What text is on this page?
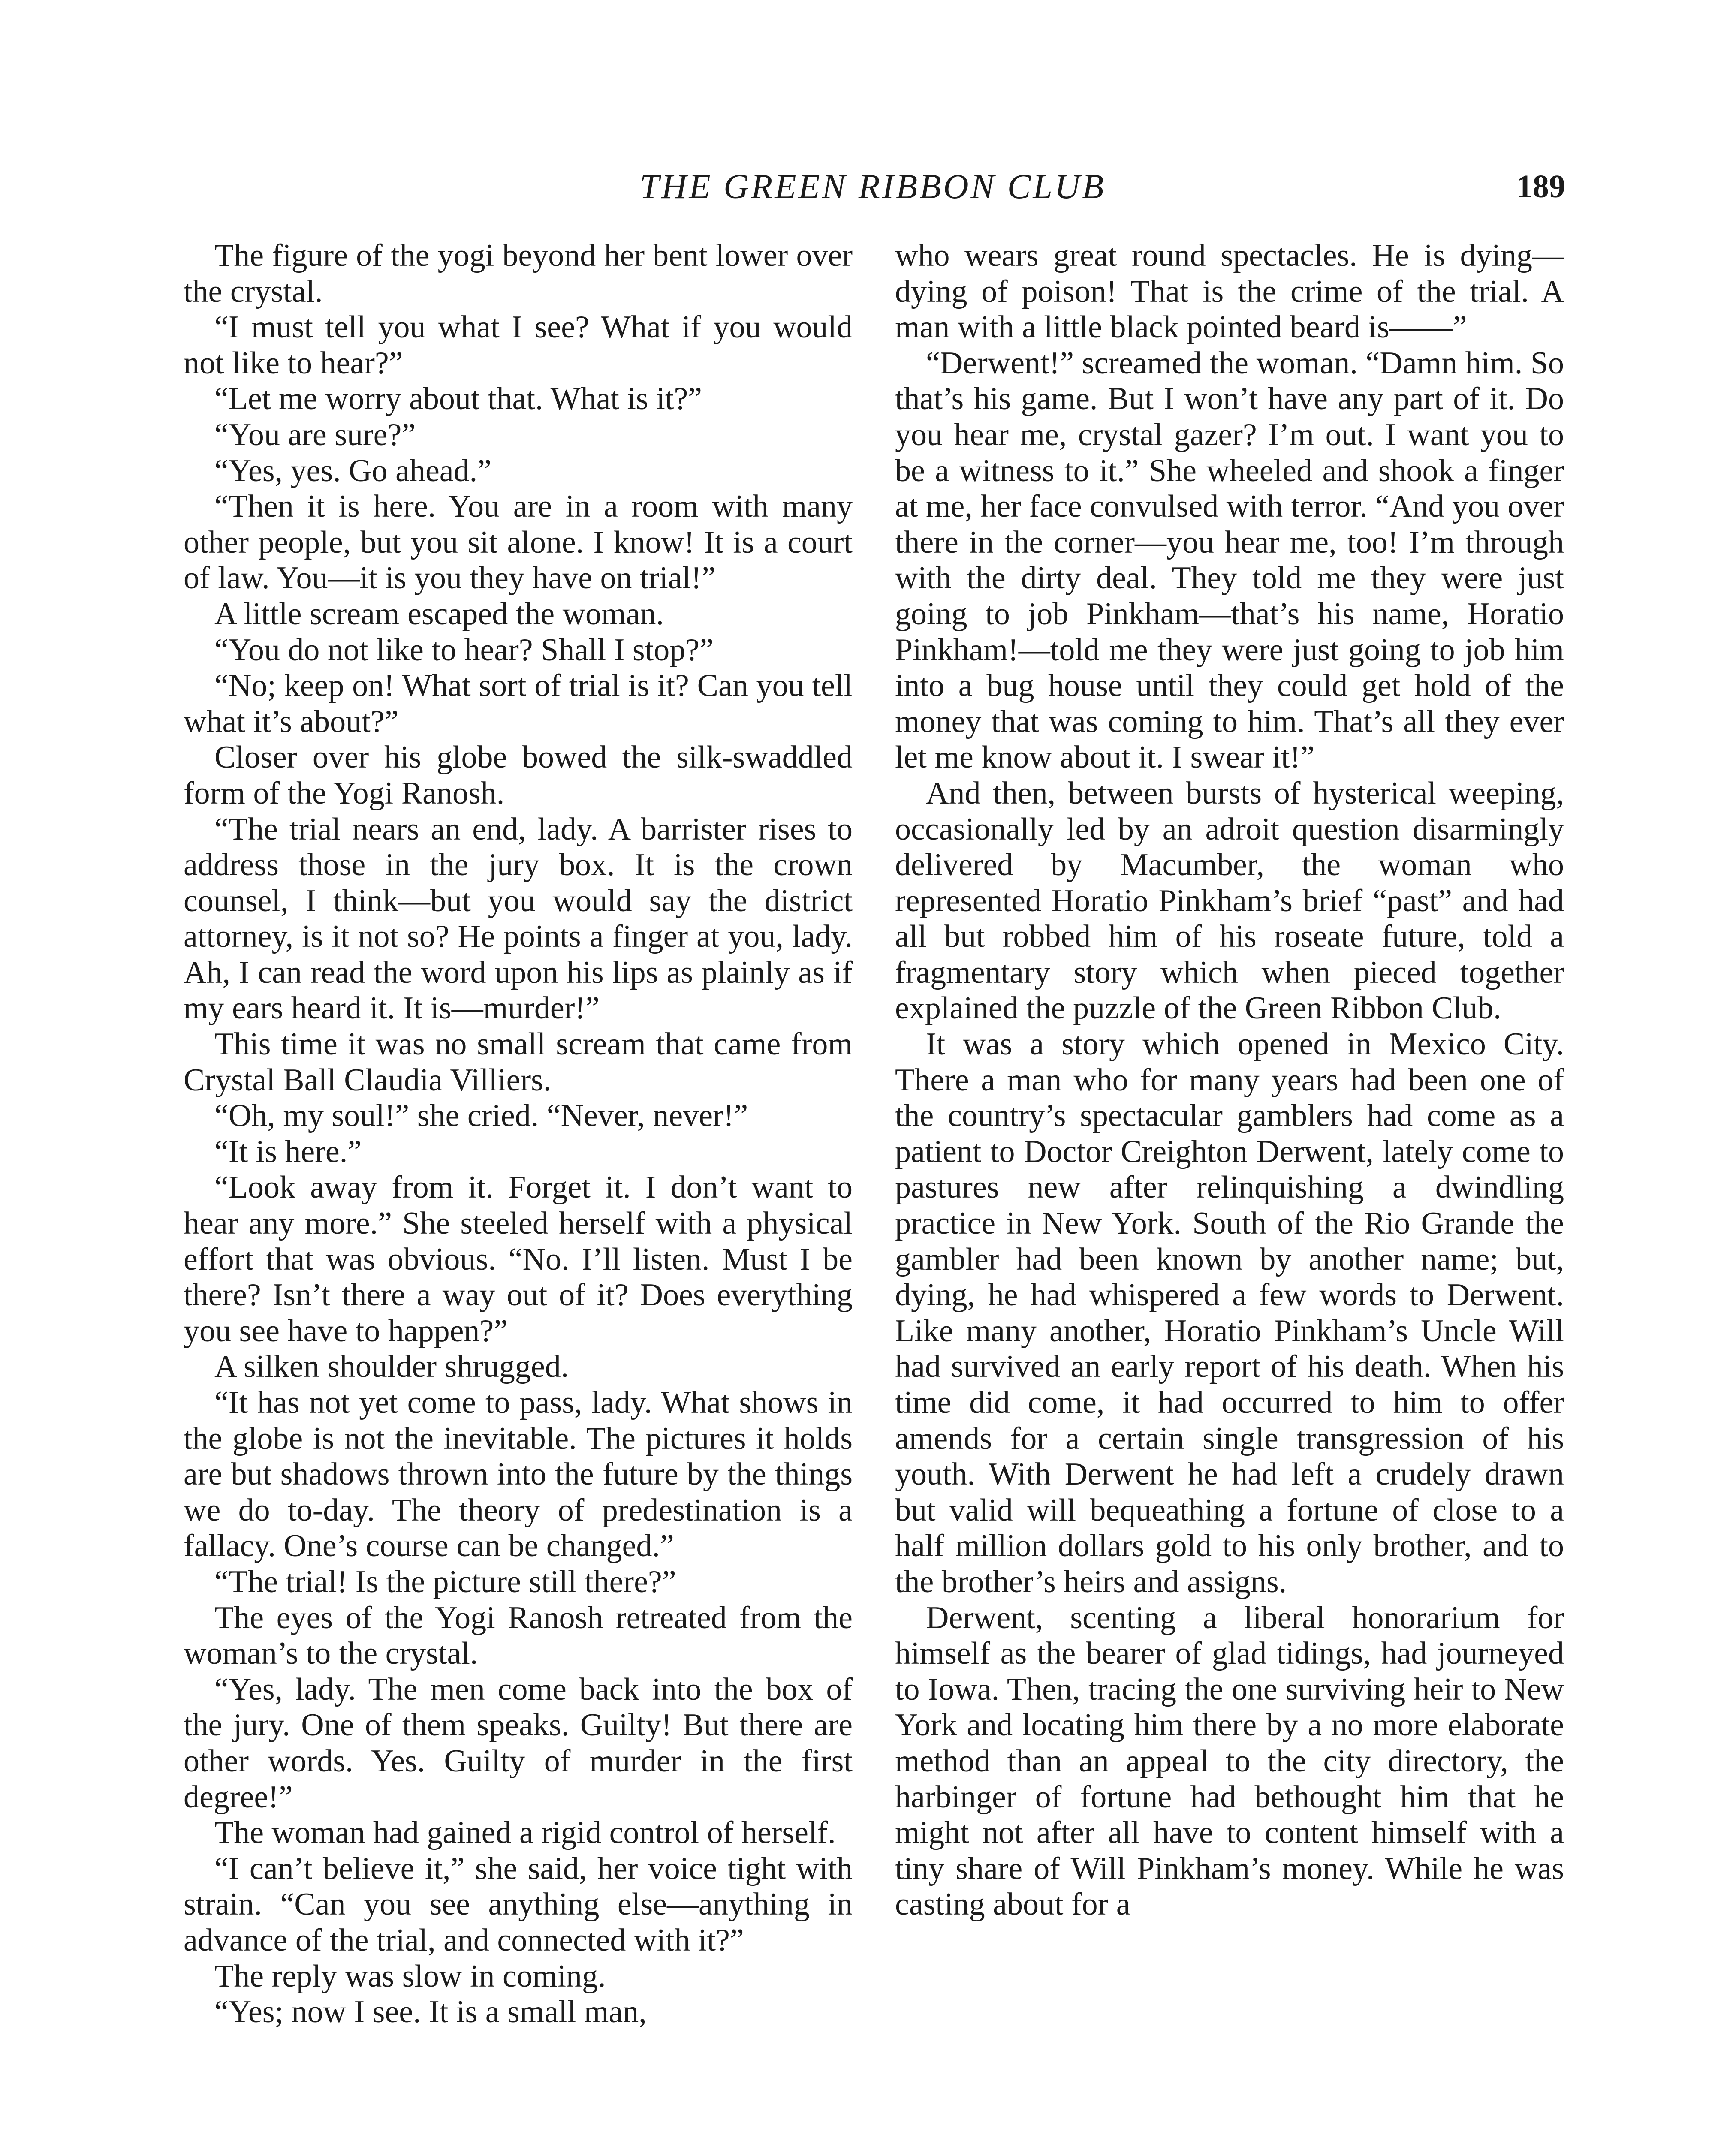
THE GREEN RIBBON CLUB	189

The figure of the yogi beyond her bent lower over the crystal.

“I must tell you what I see? What if you would not like to hear?”

“Let me worry about that. What is it?”

“You are sure?”

“Yes, yes. Go ahead.”

“Then it is here. You are in a room with many other people, but you sit alone. I know! It is a court of law. You—it is you they have on trial!”

A little scream escaped the woman.

“You do not like to hear? Shall I stop?”

“No; keep on! What sort of trial is it? Can you tell what it’s about?”

Closer over his globe bowed the silk-swaddled form of the Yogi Ranosh.

“The trial nears an end, lady. A barrister rises to address those in the jury box. It is the crown counsel, I think—but you would say the district attorney, is it not so? He points a finger at you, lady. Ah, I can read the word upon his lips as plainly as if my ears heard it. It is—murder!”

This time it was no small scream that came from Crystal Ball Claudia Villiers.

“Oh, my soul!” she cried. “Never, never!”

“It is here.”

“Look away from it. Forget it. I don’t want to hear any more.” She steeled herself with a physical effort that was obvious. “No. I’ll listen. Must I be there? Isn’t there a way out of it? Does everything you see have to happen?”

A silken shoulder shrugged.

“It has not yet come to pass, lady. What shows in the globe is not the inevitable. The pictures it holds are but shadows thrown into the future by the things we do to-day. The theory of predestination is a fallacy. One’s course can be changed.”

“The trial! Is the picture still there?”

The eyes of the Yogi Ranosh retreated from the woman’s to the crystal.

“Yes, lady. The men come back into the box of the jury. One of them speaks. Guilty! But there are other words. Yes. Guilty of murder in the first degree!”

The woman had gained a rigid control of herself.

“I can’t believe it,” she said, her voice tight with strain. “Can you see anything else—anything in advance of the trial, and connected with it?”

The reply was slow in coming.

“Yes; now I see. It is a small man,

who wears great round spectacles. He is dying—dying of poison! That is the crime of the trial. A man with a little black pointed beard is——”

“Derwent!” screamed the woman. “Damn him. So that’s his game. But I won’t have any part of it. Do you hear me, crystal gazer? I’m out. I want you to be a witness to it.” She wheeled and shook a finger at me, her face convulsed with terror. “And you over there in the corner—you hear me, too! I’m through with the dirty deal. They told me they were just going to job Pinkham—that’s his name, Horatio Pinkham!—told me they were just going to job him into a bug house until they could get hold of the money that was coming to him. That’s all they ever let me know about it. I swear it!”

And then, between bursts of hysterical weeping, occasionally led by an adroit question disarmingly delivered by Macumber, the woman who represented Horatio Pinkham’s brief “past” and had all but robbed him of his roseate future, told a fragmentary story which when pieced together explained the puzzle of the Green Ribbon Club.

It was a story which opened in Mexico City. There a man who for many years had been one of the country’s spectacular gamblers had come as a patient to Doctor Creighton Derwent, lately come to pastures new after relinquishing a dwindling practice in New York. South of the Rio Grande the gambler had been known by another name; but, dying, he had whispered a few words to Derwent. Like many another, Horatio Pinkham’s Uncle Will had survived an early report of his death. When his time did come, it had occurred to him to offer amends for a certain single transgression of his youth. With Derwent he had left a crudely drawn but valid will bequeathing a fortune of close to a half million dollars gold to his only brother, and to the brother’s heirs and assigns.

Derwent, scenting a liberal honorarium for himself as the bearer of glad tidings, had journeyed to Iowa. Then, tracing the one surviving heir to New York and locating him there by a no more elaborate method than an appeal to the city directory, the harbinger of fortune had bethought him that he might not after all have to content himself with a tiny share of Will Pinkham’s money. While he was casting about for a
